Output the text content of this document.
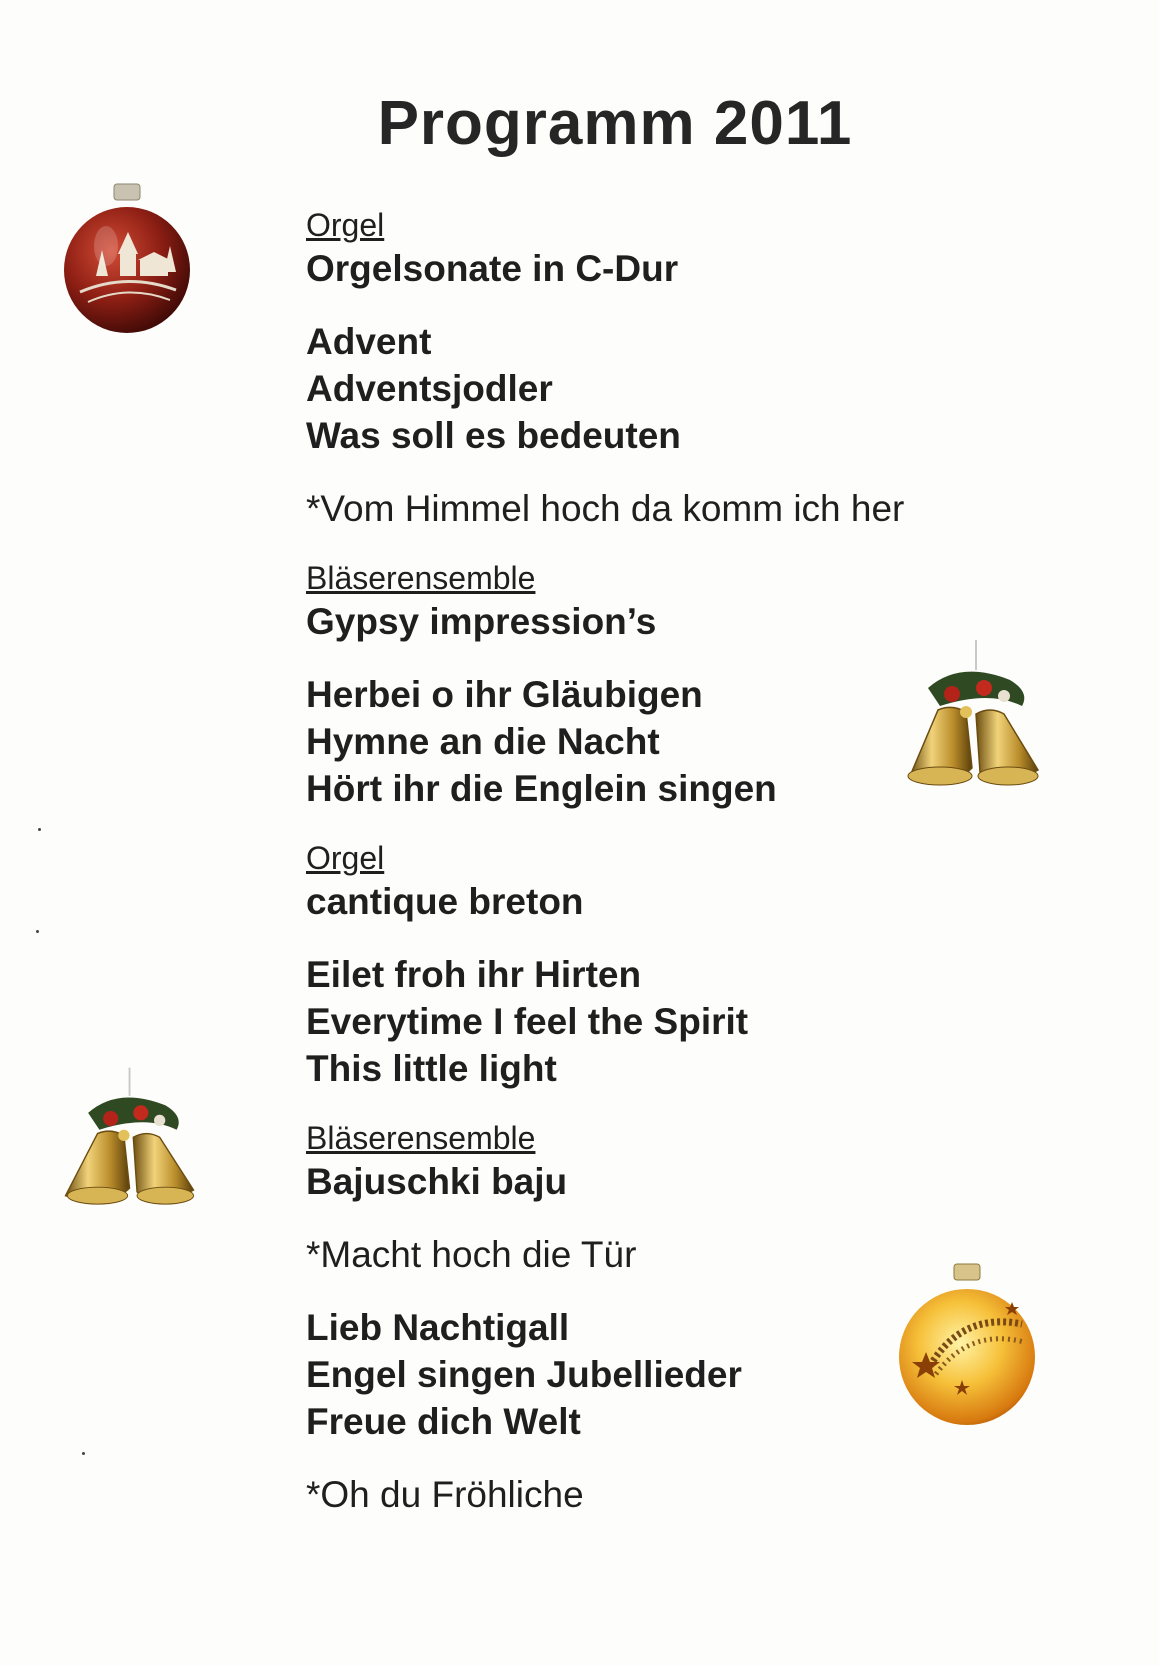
Programm 2011
Orgel
Orgelsonate in C-Dur
Advent
Adventsjodler
Was soll es bedeuten
*Vom Himmel hoch da komm ich her
Bläserensemble
Gypsy impression’s
Herbei o ihr Gläubigen
Hymne an die Nacht
Hört ihr die Englein singen
Orgel
cantique breton
Eilet froh ihr Hirten
Everytime I feel the Spirit
This little light
Bläserensemble
Bajuschki baju
*Macht hoch die Tür
Lieb Nachtigall
Engel singen Jubellieder
Freue dich Welt
*Oh du Fröhliche
